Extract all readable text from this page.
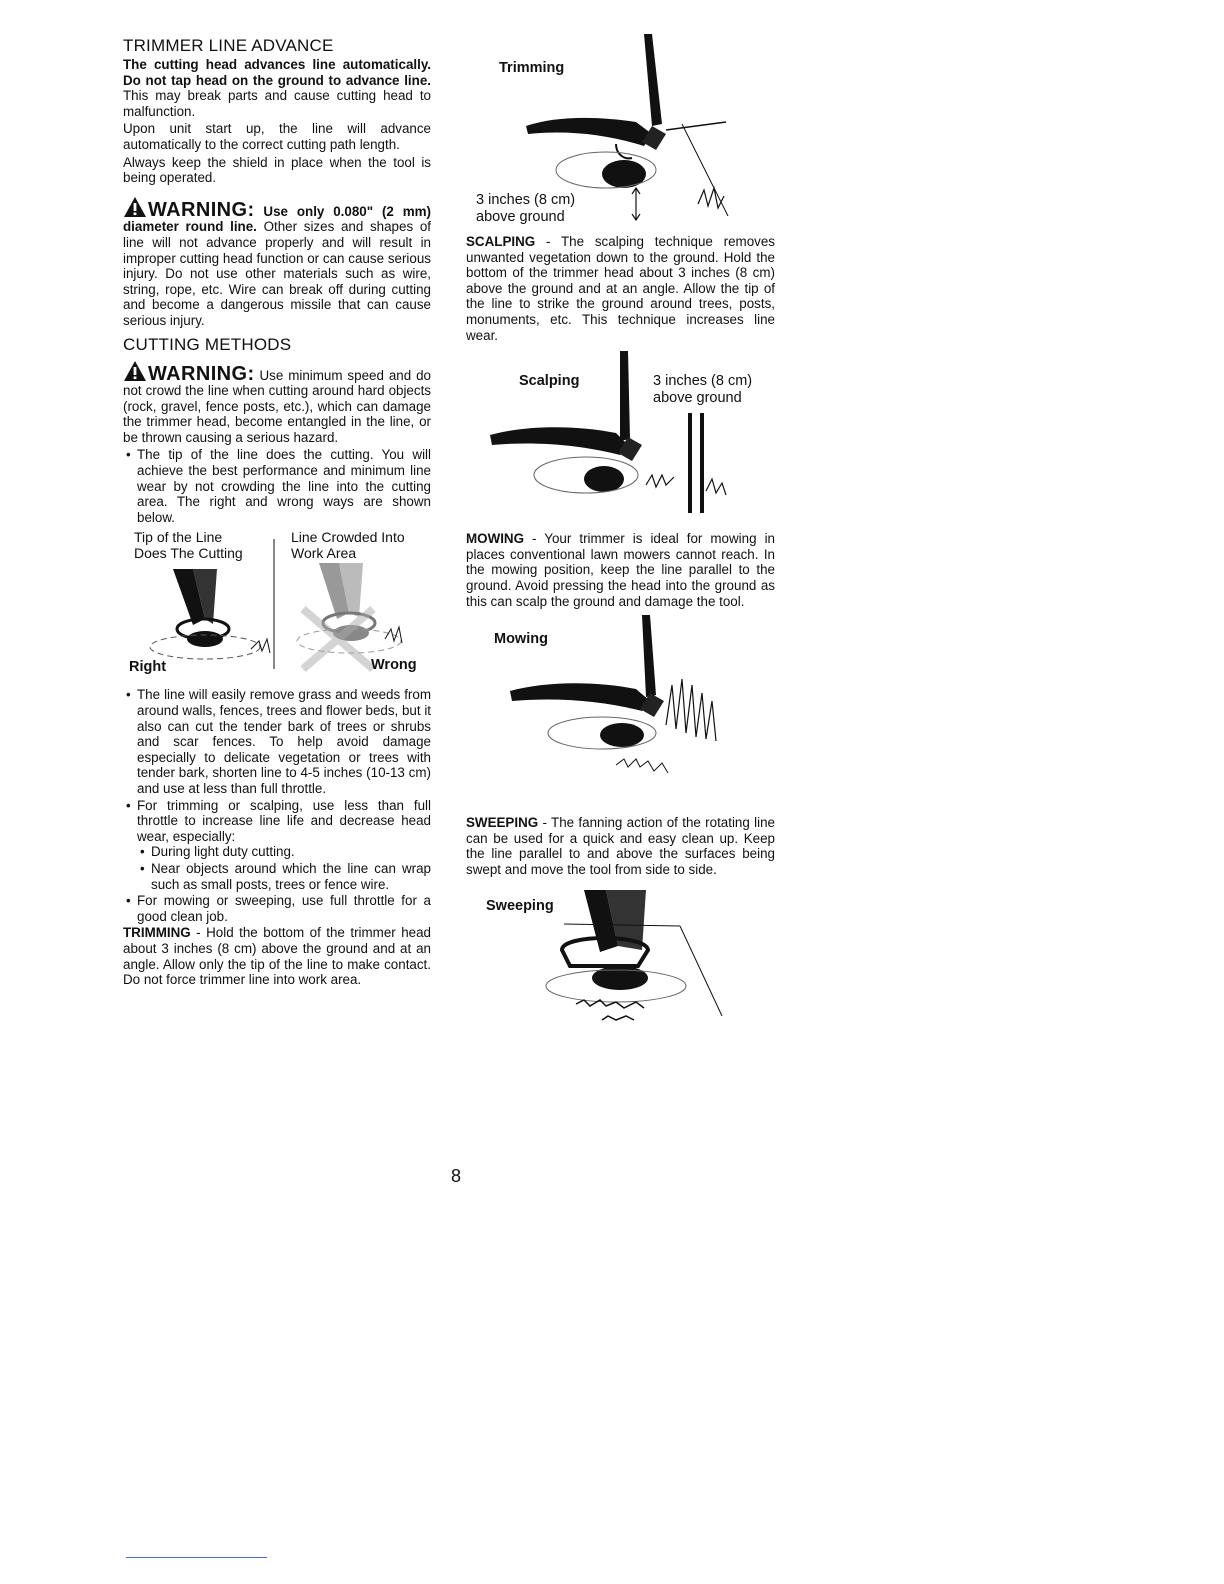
TRIMMER LINE ADVANCE

The cutting head advances line automatically. Do not tap head on the ground to advance line. This may break parts and cause cutting head to malfunction.

Upon unit start up, the line will advance automatically to the correct cutting path length.

Always keep the shield in place when the tool is being operated.

WARNING: Use only 0.080" (2 mm) diameter round line. Other sizes and shapes of line will not advance properly and will result in improper cutting head function or can cause serious injury. Do not use other materials such as wire, string, rope, etc. Wire can break off during cutting and become a dangerous missile that can cause serious injury.

CUTTING METHODS

WARNING: Use minimum speed and do not crowd the line when cutting around hard objects (rock, gravel, fence posts, etc.), which can damage the trimmer head, become entangled in the line, or be thrown causing a serious hazard.

• The tip of the line does the cutting. You will achieve the best performance and minimum line wear by not crowding the line into the cutting area. The right and wrong ways are shown below.
Tip of the Line
Does The Cutting
Line Crowded Into
Work Area
Right	Wrong
• The line will easily remove grass and weeds from around walls, fences, trees and flower beds, but it also can cut the tender bark of trees or shrubs and scar fences. To help avoid damage especially to delicate vegetation or trees with tender bark, shorten line to 4-5 inches (10-13 cm) and use at less than full throttle.
• For trimming or scalping, use less than full throttle to increase line life and decrease head wear, especially:
• During light duty cutting.
• Near objects around which the line can wrap such as small posts, trees or fence wire.
• For mowing or sweeping, use full throttle for a good clean job.

TRIMMING - Hold the bottom of the trimmer head about 3 inches (8 cm) above the ground and at an angle. Allow only the tip of the line to make contact. Do not force trimmer line into work area.

Trimming
3 inches (8 cm)
above ground

SCALPING - The scalping technique removes unwanted vegetation down to the ground. Hold the bottom of the trimmer head about 3 inches (8 cm) above the ground and at an angle. Allow the tip of the line to strike the ground around trees, posts, monuments, etc. This technique increases line wear.

Scalping	3 inches (8 cm)
above ground

MOWING - Your trimmer is ideal for mowing in places conventional lawn mowers cannot reach. In the mowing position, keep the line parallel to the ground. Avoid pressing the head into the ground as this can scalp the ground and damage the tool.

Mowing

SWEEPING - The fanning action of the rotating line can be used for a quick and easy clean up. Keep the line parallel to and above the surfaces being swept and move the tool from side to side.

Sweeping
8
